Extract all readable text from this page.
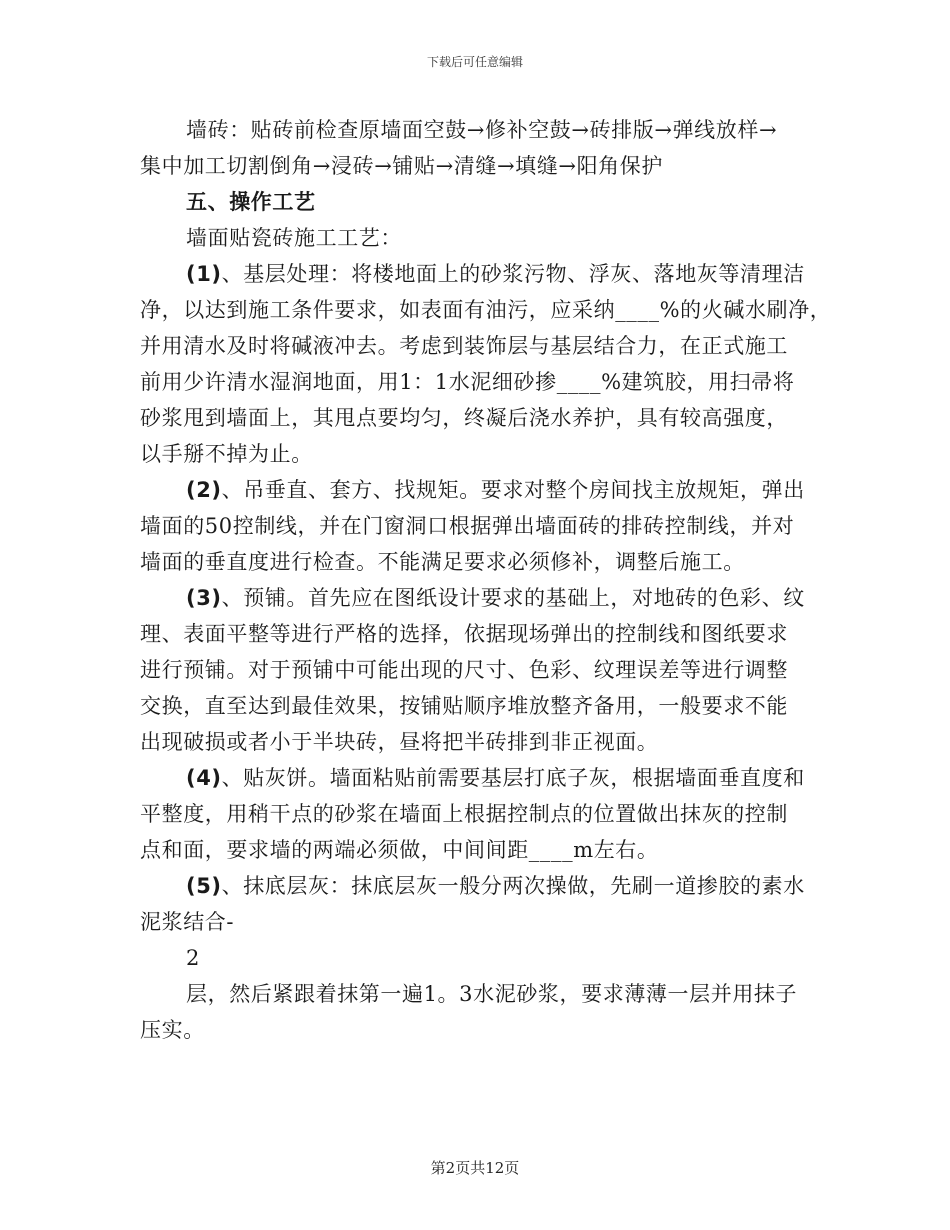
下载后可任意编辑
墙砖：贴砖前检查原墙面空鼓→修补空鼓→砖排版→弹线放样→
集中加工切割倒角→浸砖→铺贴→清缝→填缝→阳角保护
五、操作工艺
墙面贴瓷砖施工工艺：
(1)、基层处理：将楼地面上的砂浆污物、浮灰、落地灰等清理洁
净，以达到施工条件要求，如表面有油污，应采纳____%的火碱水刷净，
并用清水及时将碱液冲去。考虑到装饰层与基层结合力，在正式施工
前用少许清水湿润地面，用1：1水泥细砂掺____%建筑胶，用扫帚将
砂浆甩到墙面上，其甩点要均匀，终凝后浇水养护，具有较高强度，
以手掰不掉为止。
(2)、吊垂直、套方、找规矩。要求对整个房间找主放规矩，弹出
墙面的50控制线，并在门窗洞口根据弹出墙面砖的排砖控制线，并对
墙面的垂直度进行检查。不能满足要求必须修补，调整后施工。
(3)、预铺。首先应在图纸设计要求的基础上，对地砖的色彩、纹
理、表面平整等进行严格的选择，依据现场弹出的控制线和图纸要求
进行预铺。对于预铺中可能出现的尺寸、色彩、纹理误差等进行调整
交换，直至达到最佳效果，按铺贴顺序堆放整齐备用，一般要求不能
出现破损或者小于半块砖，昼将把半砖排到非正视面。
(4)、贴灰饼。墙面粘贴前需要基层打底子灰，根据墙面垂直度和
平整度，用稍干点的砂浆在墙面上根据控制点的位置做出抹灰的控制
点和面，要求墙的两端必须做，中间间距____m左右。
(5)、抹底层灰：抹底层灰一般分两次操做，先刷一道掺胶的素水
泥浆结合-
2
层，然后紧跟着抹第一遍1。3水泥砂浆，要求薄薄一层并用抹子
压实。
第2页共12页
